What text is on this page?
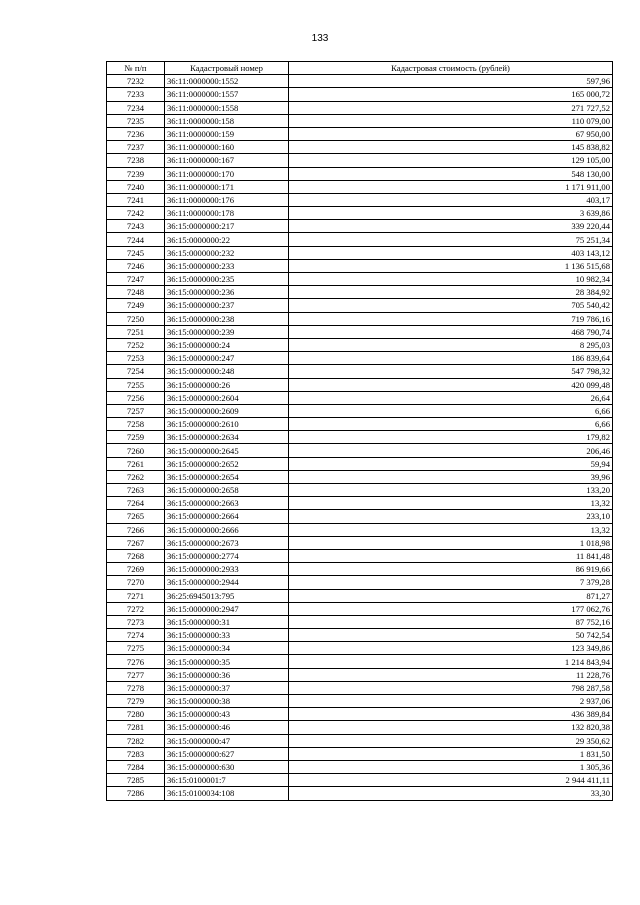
133
№ п/п	Кадастровый номер	Кадастровая стоимость (рублей)
7232	36:11:0000000:1552	597,96
7233	36:11:0000000:1557	165 000,72
7234	36:11:0000000:1558	271 727,52
7235	36:11:0000000:158	110 079,00
7236	36:11:0000000:159	67 950,00
7237	36:11:0000000:160	145 838,82
7238	36:11:0000000:167	129 105,00
7239	36:11:0000000:170	548 130,00
7240	36:11:0000000:171	1 171 911,00
7241	36:11:0000000:176	403,17
7242	36:11:0000000:178	3 639,86
7243	36:15:0000000:217	339 220,44
7244	36:15:0000000:22	75 251,34
7245	36:15:0000000:232	403 143,12
7246	36:15:0000000:233	1 136 515,68
7247	36:15:0000000:235	10 982,34
7248	36:15:0000000:236	28 384,92
7249	36:15:0000000:237	705 540,42
7250	36:15:0000000:238	719 786,16
7251	36:15:0000000:239	468 790,74
7252	36:15:0000000:24	8 295,03
7253	36:15:0000000:247	186 839,64
7254	36:15:0000000:248	547 798,32
7255	36:15:0000000:26	420 099,48
7256	36:15:0000000:2604	26,64
7257	36:15:0000000:2609	6,66
7258	36:15:0000000:2610	6,66
7259	36:15:0000000:2634	179,82
7260	36:15:0000000:2645	206,46
7261	36:15:0000000:2652	59,94
7262	36:15:0000000:2654	39,96
7263	36:15:0000000:2658	133,20
7264	36:15:0000000:2663	13,32
7265	36:15:0000000:2664	233,10
7266	36:15:0000000:2666	13,32
7267	36:15:0000000:2673	1 018,98
7268	36:15:0000000:2774	11 841,48
7269	36:15:0000000:2933	86 919,66
7270	36:15:0000000:2944	7 379,28
7271	36:25:6945013:795	871,27
7272	36:15:0000000:2947	177 062,76
7273	36:15:0000000:31	87 752,16
7274	36:15:0000000:33	50 742,54
7275	36:15:0000000:34	123 349,86
7276	36:15:0000000:35	1 214 843,94
7277	36:15:0000000:36	11 228,76
7278	36:15:0000000:37	798 287,58
7279	36:15:0000000:38	2 937,06
7280	36:15:0000000:43	436 389,84
7281	36:15:0000000:46	132 820,38
7282	36:15:0000000:47	29 350,62
7283	36:15:0000000:627	1 831,50
7284	36:15:0000000:630	1 305,36
7285	36:15:0100001:7	2 944 411,11
7286	36:15:0100034:108	33,30
